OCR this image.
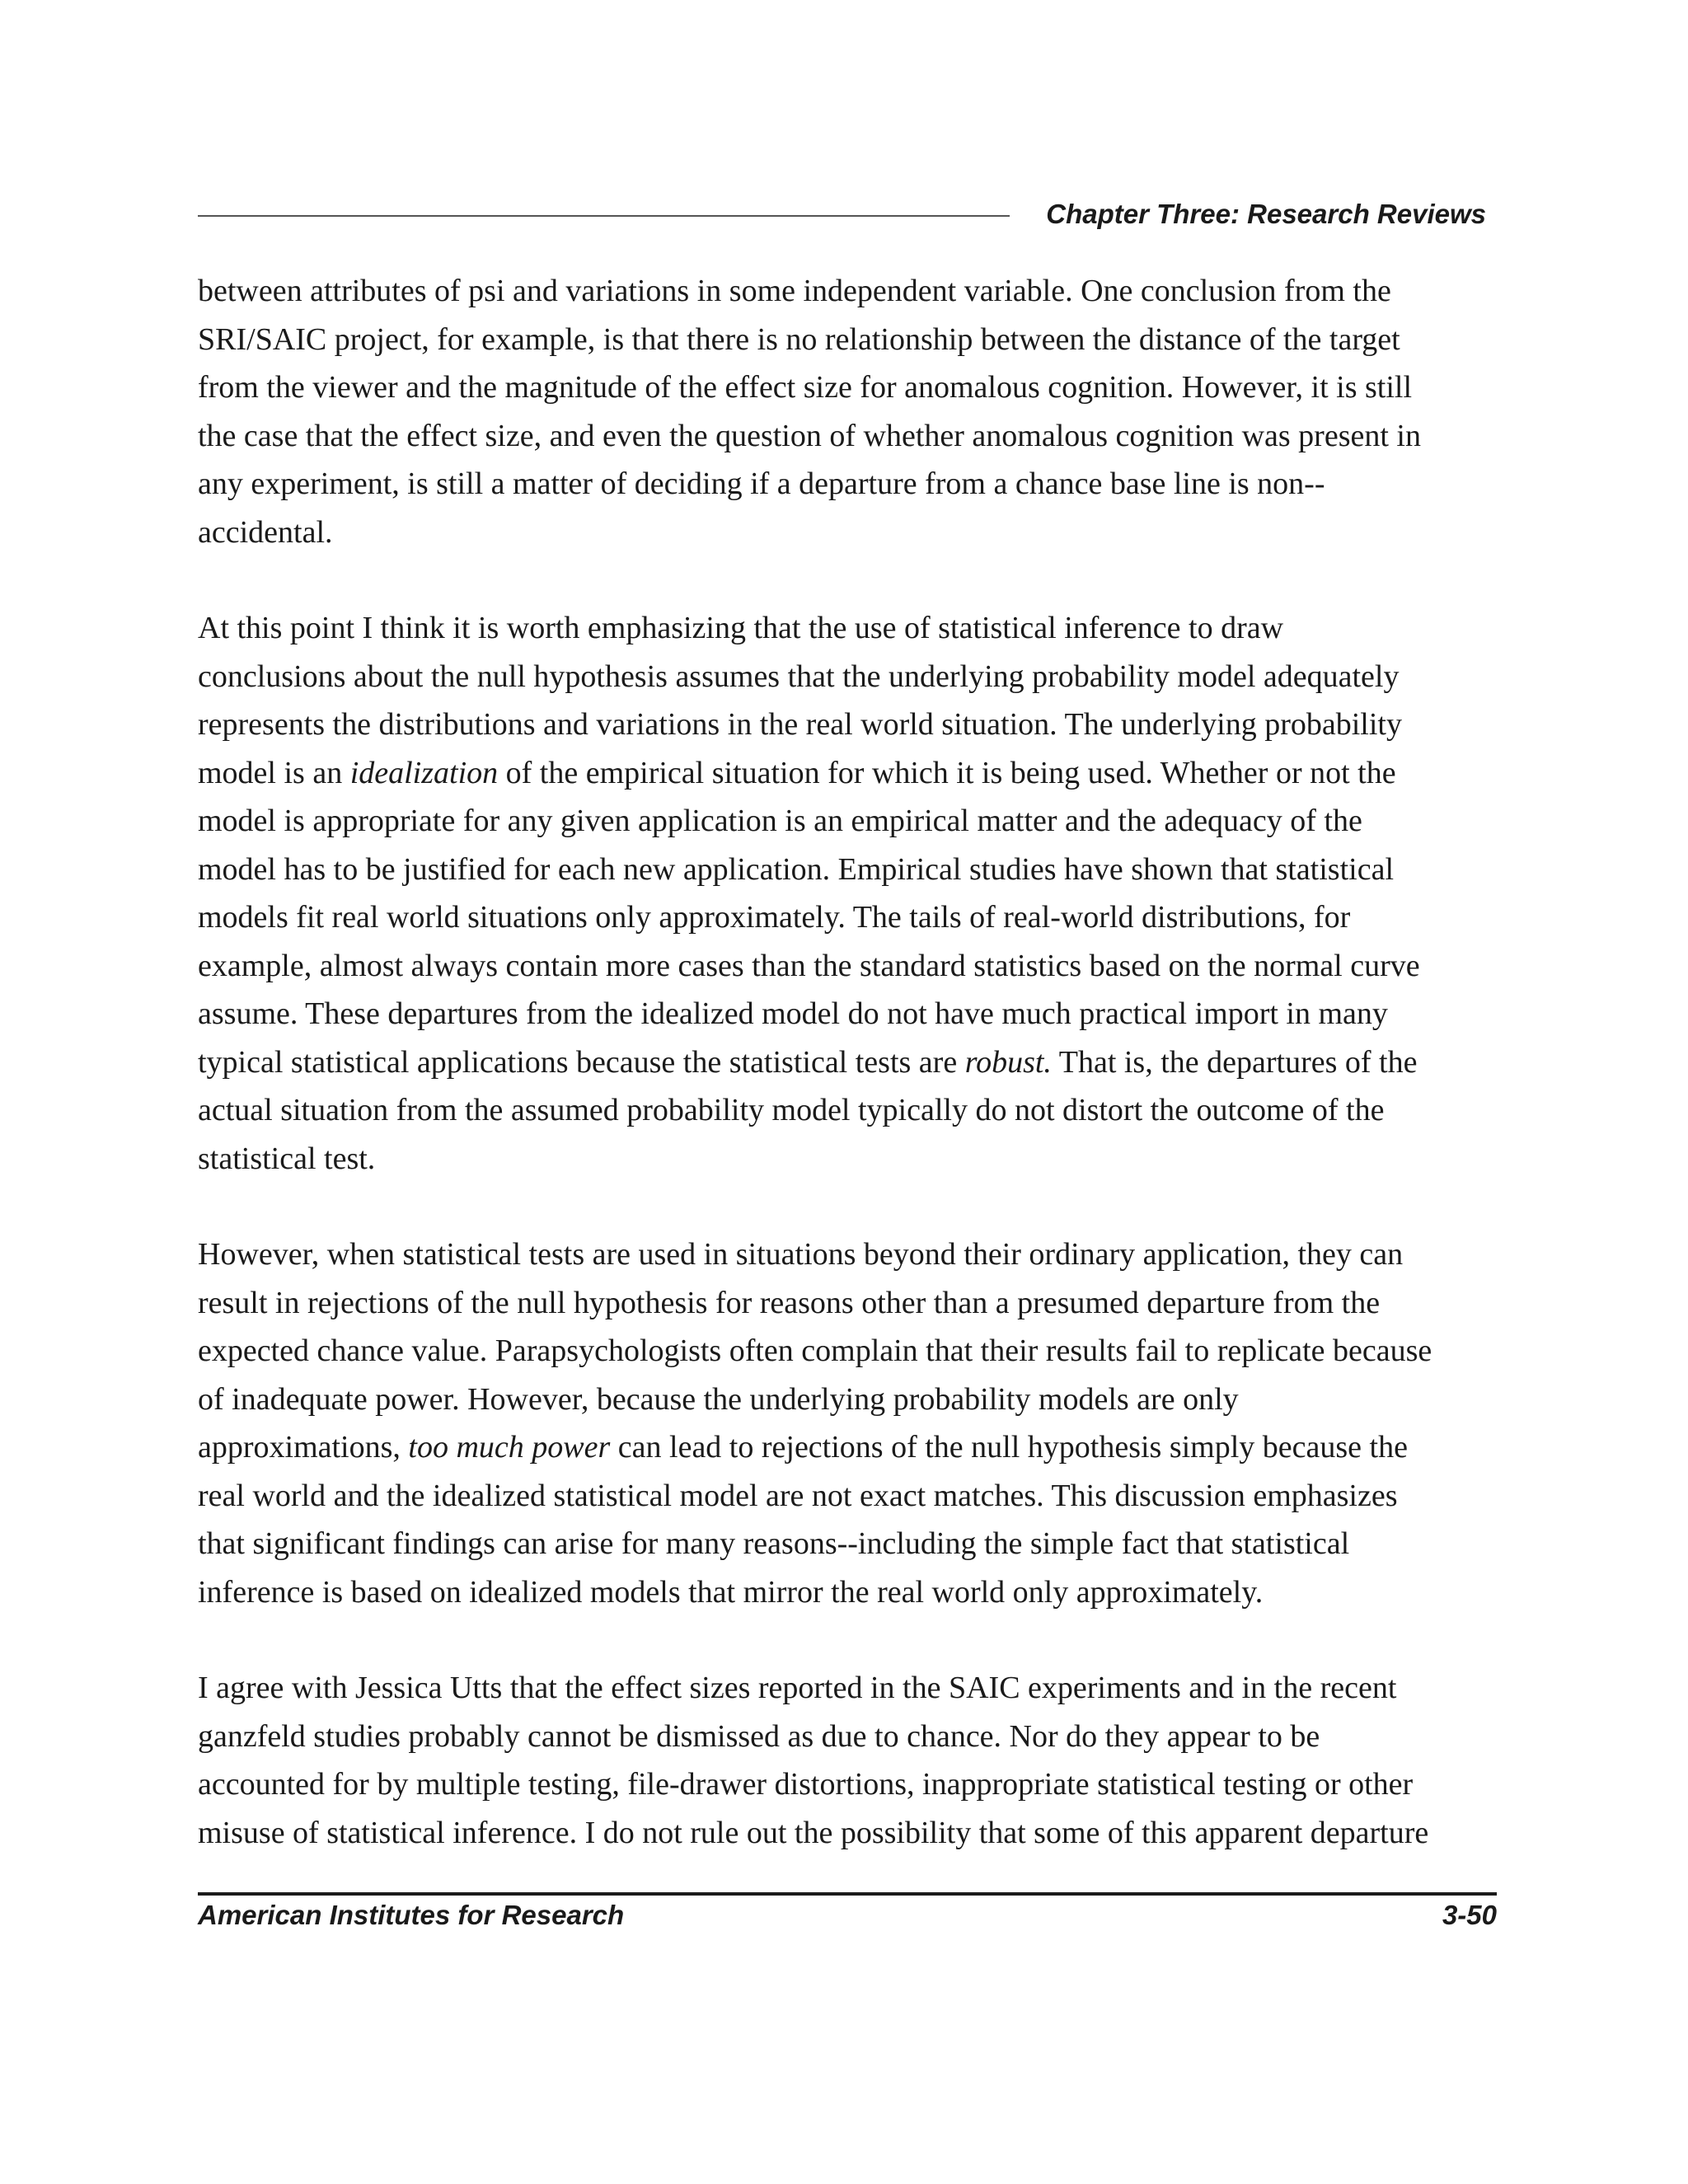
Chapter Three: Research Reviews

between attributes of psi and variations in some independent variable. One conclusion from the
SRI/SAIC project, for example, is that there is no relationship between the distance of the target
from the viewer and the magnitude of the effect size for anomalous cognition. However, it is still
the case that the effect size, and even the question of whether anomalous cognition was present in
any experiment, is still a matter of deciding if a departure from a chance base line is non--
accidental.

At this point I think it is worth emphasizing that the use of statistical inference to draw
conclusions about the null hypothesis assumes that the underlying probability model adequately
represents the distributions and variations in the real world situation. The underlying probability
model is an idealization of the empirical situation for which it is being used. Whether or not the
model is appropriate for any given application is an empirical matter and the adequacy of the
model has to be justified for each new application. Empirical studies have shown that statistical
models fit real world situations only approximately. The tails of real-world distributions, for
example, almost always contain more cases than the standard statistics based on the normal curve
assume. These departures from the idealized model do not have much practical import in many
typical statistical applications because the statistical tests are robust. That is, the departures of the
actual situation from the assumed probability model typically do not distort the outcome of the
statistical test.

However, when statistical tests are used in situations beyond their ordinary application, they can
result in rejections of the null hypothesis for reasons other than a presumed departure from the
expected chance value. Parapsychologists often complain that their results fail to replicate because
of inadequate power. However, because the underlying probability models are only
approximations, too much power can lead to rejections of the null hypothesis simply because the
real world and the idealized statistical model are not exact matches. This discussion emphasizes
that significant findings can arise for many reasons--including the simple fact that statistical
inference is based on idealized models that mirror the real world only approximately.

I agree with Jessica Utts that the effect sizes reported in the SAIC experiments and in the recent
ganzfeld studies probably cannot be dismissed as due to chance. Nor do they appear to be
accounted for by multiple testing, file-drawer distortions, inappropriate statistical testing or other
misuse of statistical inference. I do not rule out the possibility that some of this apparent departure

American Institutes for Research	3-50
